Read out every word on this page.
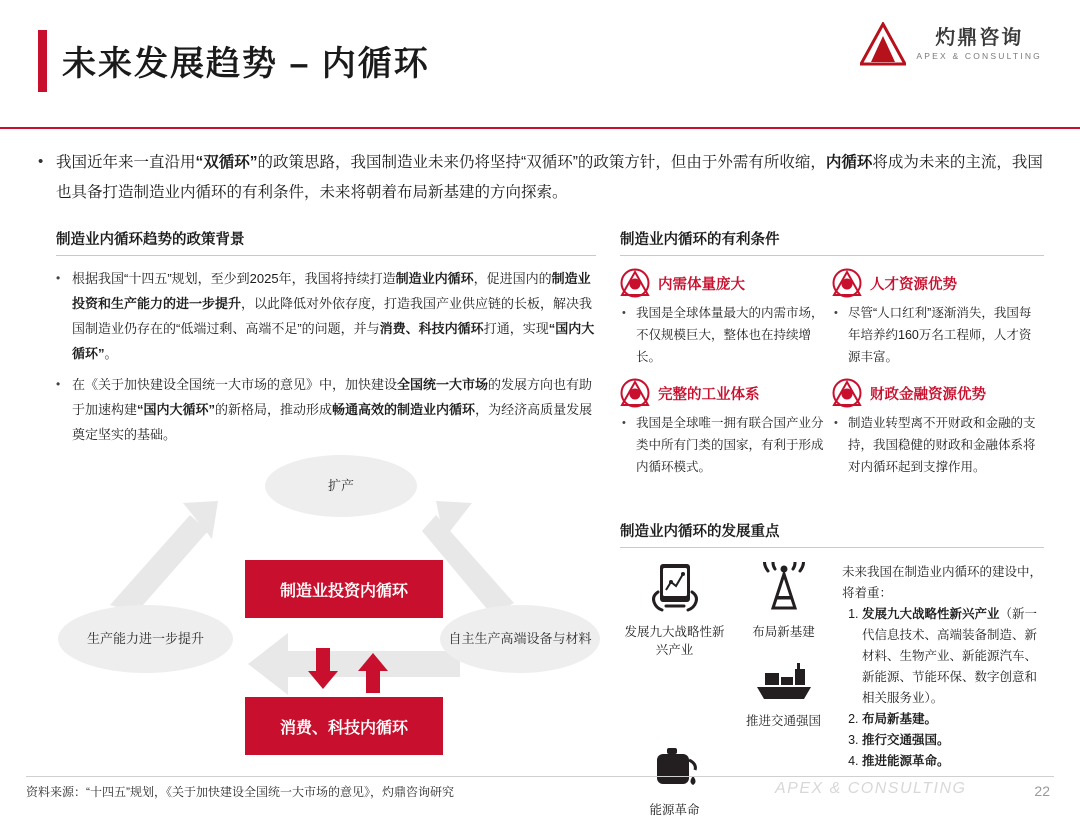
未来发展趋势 – 内循环
灼鼎咨询
APEX & CONSULTING
• 我国近年来一直沿用“双循环”的政策思路，我国制造业未来仍将坚持“双循环”的政策方针，但由于外需有所收缩，内循环将成为未来的主流，我国也具备打造制造业内循环的有利条件，未来将朝着布局新基建的方向探索。
制造业内循环趋势的政策背景
• 根据我国“十四五”规划，至少到2025年，我国将持续打造制造业内循环，促进国内的制造业投资和生产能力的进一步提升，以此降低对外依存度，打造我国产业供应链的长板，解决我国制造业仍存在的“低端过剩、高端不足”的问题，并与消费、科技内循环打通，实现“国内大循环”。
• 在《关于加快建设全国统一大市场的意见》中，加快建设全国统一大市场的发展方向也有助于加速构建“国内大循环”的新格局，推动形成畅通高效的制造业内循环，为经济高质量发展奠定坚实的基础。
扩产
生产能力进一步提升	自主生产高端设备与材料
制造业投资内循环
消费、科技内循环
制造业内循环的有利条件
内需体量庞大
• 我国是全球体量最大的内需市场，不仅规模巨大，整体也在持续增长。
人才资源优势
• 尽管“人口红利”逐渐消失，我国每年培养约160万名工程师，人才资源丰富。
完整的工业体系
• 我国是全球唯一拥有联合国产业分类中所有门类的国家，有利于形成内循环模式。
财政金融资源优势
• 制造业转型离不开财政和金融的支持，我国稳健的财政和金融体系将对内循环起到支撑作用。
制造业内循环的发展重点
发展九大战略性新兴产业
布局新基建
推进交通强国
能源革命
未来我国在制造业内循环的建设中，将着重：
1. 发展九大战略性新兴产业（新一代信息技术、高端装备制造、新材料、生物产业、新能源汽车、新能源、节能环保、数字创意和相关服务业）。
2. 布局新基建。
3. 推行交通强国。
4. 推进能源革命。
资料来源：“十四五”规划，《关于加快建设全国统一大市场的意见》，灼鼎咨询研究	APEX & CONSULTING	22
